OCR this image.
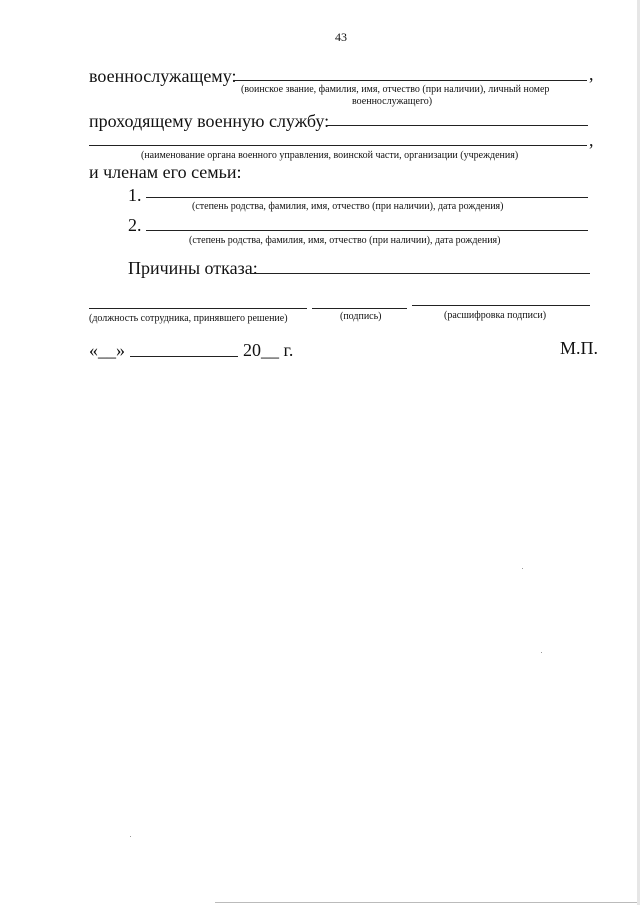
43
военнослужащему:	,
(воинское звание, фамилия, имя, отчество (при наличии), личный номер
военнослужащего)
проходящему военную службу:
,
(наименование органа военного управления, воинской части, организации (учреждения)
и членам его семьи:
1.
(степень родства, фамилия, имя, отчество (при наличии), дата рождения)
2.
(степень родства, фамилия, имя, отчество (при наличии), дата рождения)
Причины отказа:
(должность сотрудника, принявшего решение)	(подпись)	(расшифровка подписи)
«__»	20__ г.	М.П.
